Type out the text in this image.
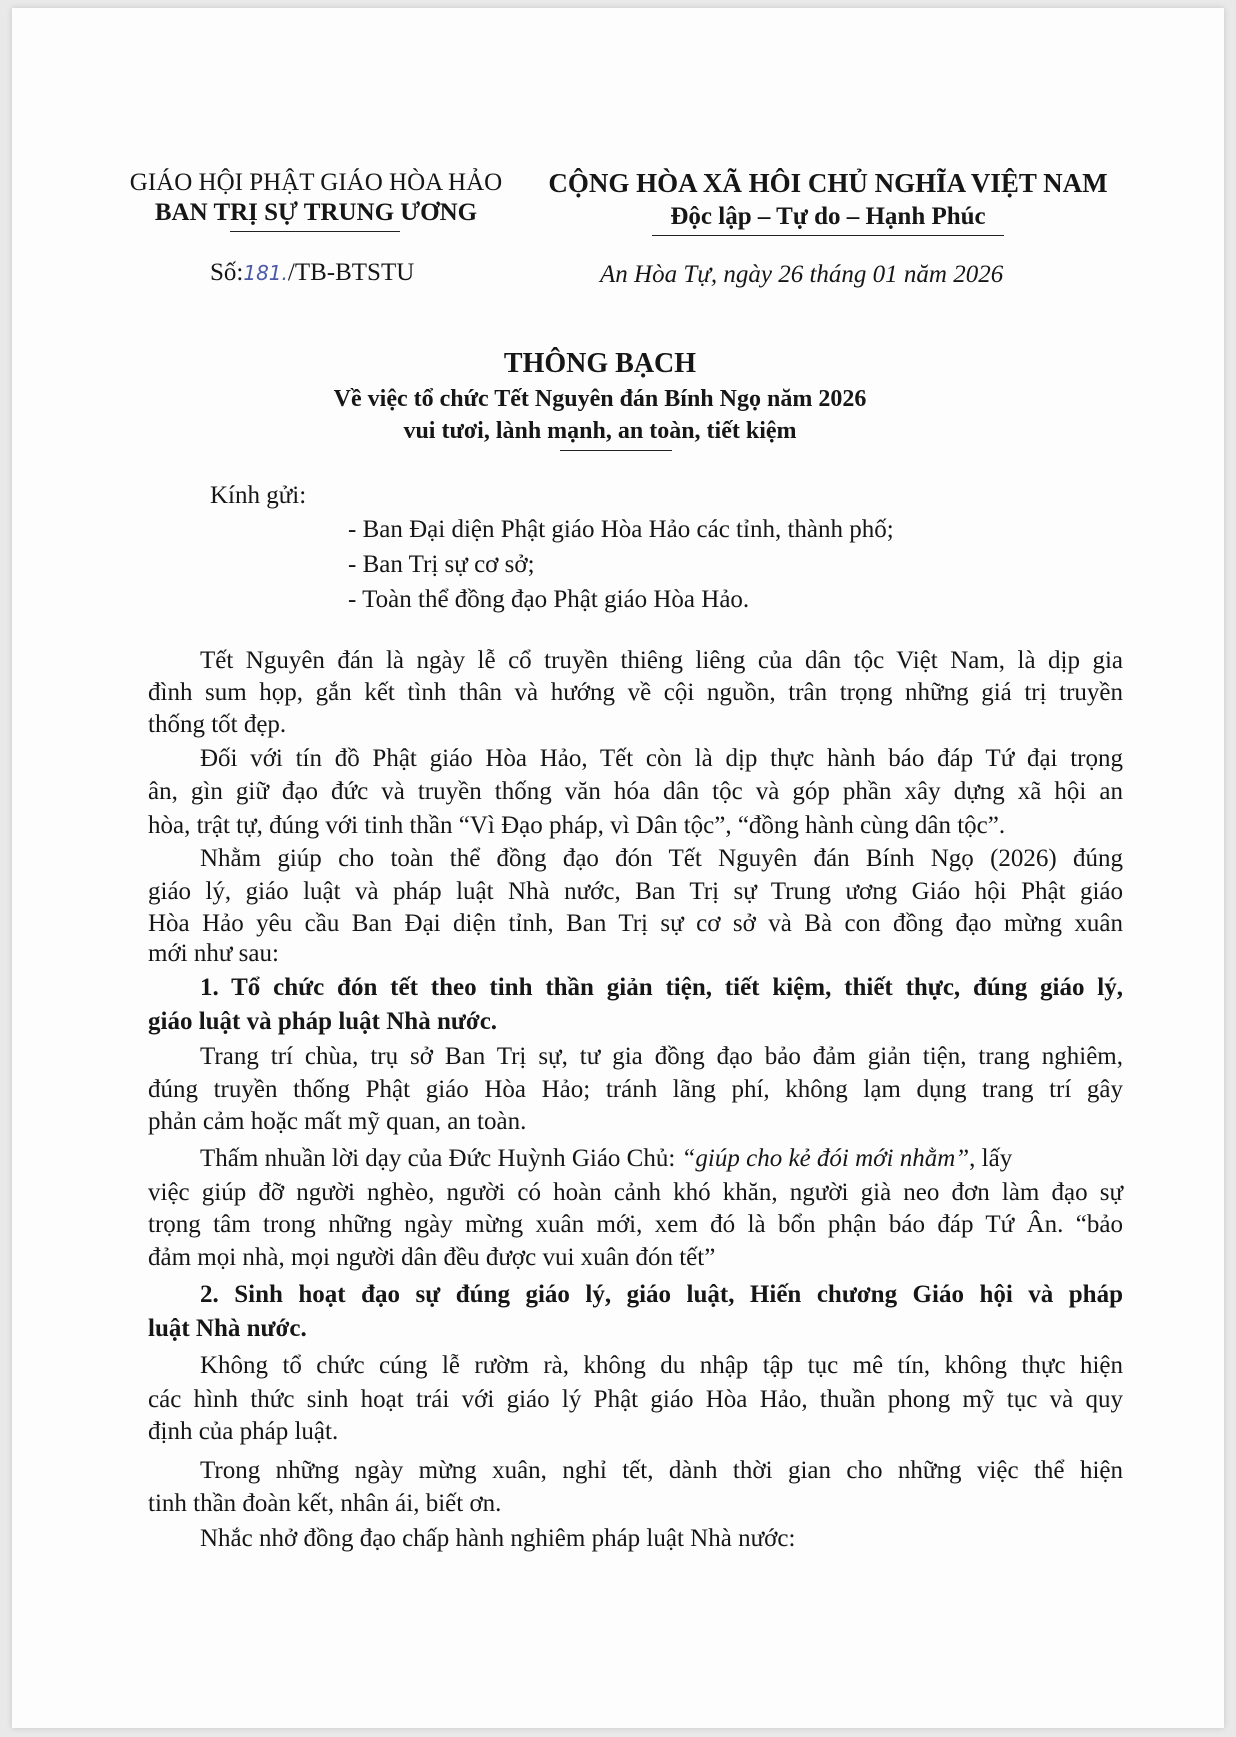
GIÁO HỘI PHẬT GIÁO HÒA HẢO
BAN TRỊ SỰ TRUNG ƯƠNG
CỘNG HÒA XÃ HÔI CHỦ NGHĨA VIỆT NAM
Độc lập – Tự do – Hạnh Phúc
Số:181./TB-BTSTU	An Hòa Tự, ngày 26 tháng 01 năm 2026
THÔNG BẠCH
Về việc tổ chức Tết Nguyên đán Bính Ngọ năm 2026
vui tươi, lành mạnh, an toàn, tiết kiệm
Kính gửi:
- Ban Đại diện Phật giáo Hòa Hảo các tỉnh, thành phố;
- Ban Trị sự cơ sở;
- Toàn thể đồng đạo Phật giáo Hòa Hảo.
Tết Nguyên đán là ngày lễ cổ truyền thiêng liêng của dân tộc Việt Nam, là dịp gia
đình sum họp, gắn kết tình thân và hướng về cội nguồn, trân trọng những giá trị truyền
thống tốt đẹp.
Đối với tín đồ Phật giáo Hòa Hảo, Tết còn là dịp thực hành báo đáp Tứ đại trọng
ân, gìn giữ đạo đức và truyền thống văn hóa dân tộc và góp phần xây dựng xã hội an
hòa, trật tự, đúng với tinh thần “Vì Đạo pháp, vì Dân tộc”, “đồng hành cùng dân tộc”.
Nhằm giúp cho toàn thể đồng đạo đón Tết Nguyên đán Bính Ngọ (2026) đúng
giáo lý, giáo luật và pháp luật Nhà nước, Ban Trị sự Trung ương Giáo hội Phật giáo
Hòa Hảo yêu cầu Ban Đại diện tỉnh, Ban Trị sự cơ sở và Bà con đồng đạo mừng xuân
mới như sau:
1. Tổ chức đón tết theo tinh thần giản tiện, tiết kiệm, thiết thực, đúng giáo lý,
giáo luật và pháp luật Nhà nước.
Trang trí chùa, trụ sở Ban Trị sự, tư gia đồng đạo bảo đảm giản tiện, trang nghiêm,
đúng truyền thống Phật giáo Hòa Hảo; tránh lãng phí, không lạm dụng trang trí gây
phản cảm hoặc mất mỹ quan, an toàn.
Thấm nhuần lời dạy của Đức Huỳnh Giáo Chủ: “giúp cho kẻ đói mới nhằm”, lấy
việc giúp đỡ người nghèo, người có hoàn cảnh khó khăn, người già neo đơn làm đạo sự
trọng tâm trong những ngày mừng xuân mới, xem đó là bổn phận báo đáp Tứ Ân. “bảo
đảm mọi nhà, mọi người dân đều được vui xuân đón tết”
2. Sinh hoạt đạo sự đúng giáo lý, giáo luật, Hiến chương Giáo hội và pháp
luật Nhà nước.
Không tổ chức cúng lễ rườm rà, không du nhập tập tục mê tín, không thực hiện
các hình thức sinh hoạt trái với giáo lý Phật giáo Hòa Hảo, thuần phong mỹ tục và quy
định của pháp luật.
Trong những ngày mừng xuân, nghỉ tết, dành thời gian cho những việc thể hiện
tinh thần đoàn kết, nhân ái, biết ơn.
Nhắc nhở đồng đạo chấp hành nghiêm pháp luật Nhà nước:
